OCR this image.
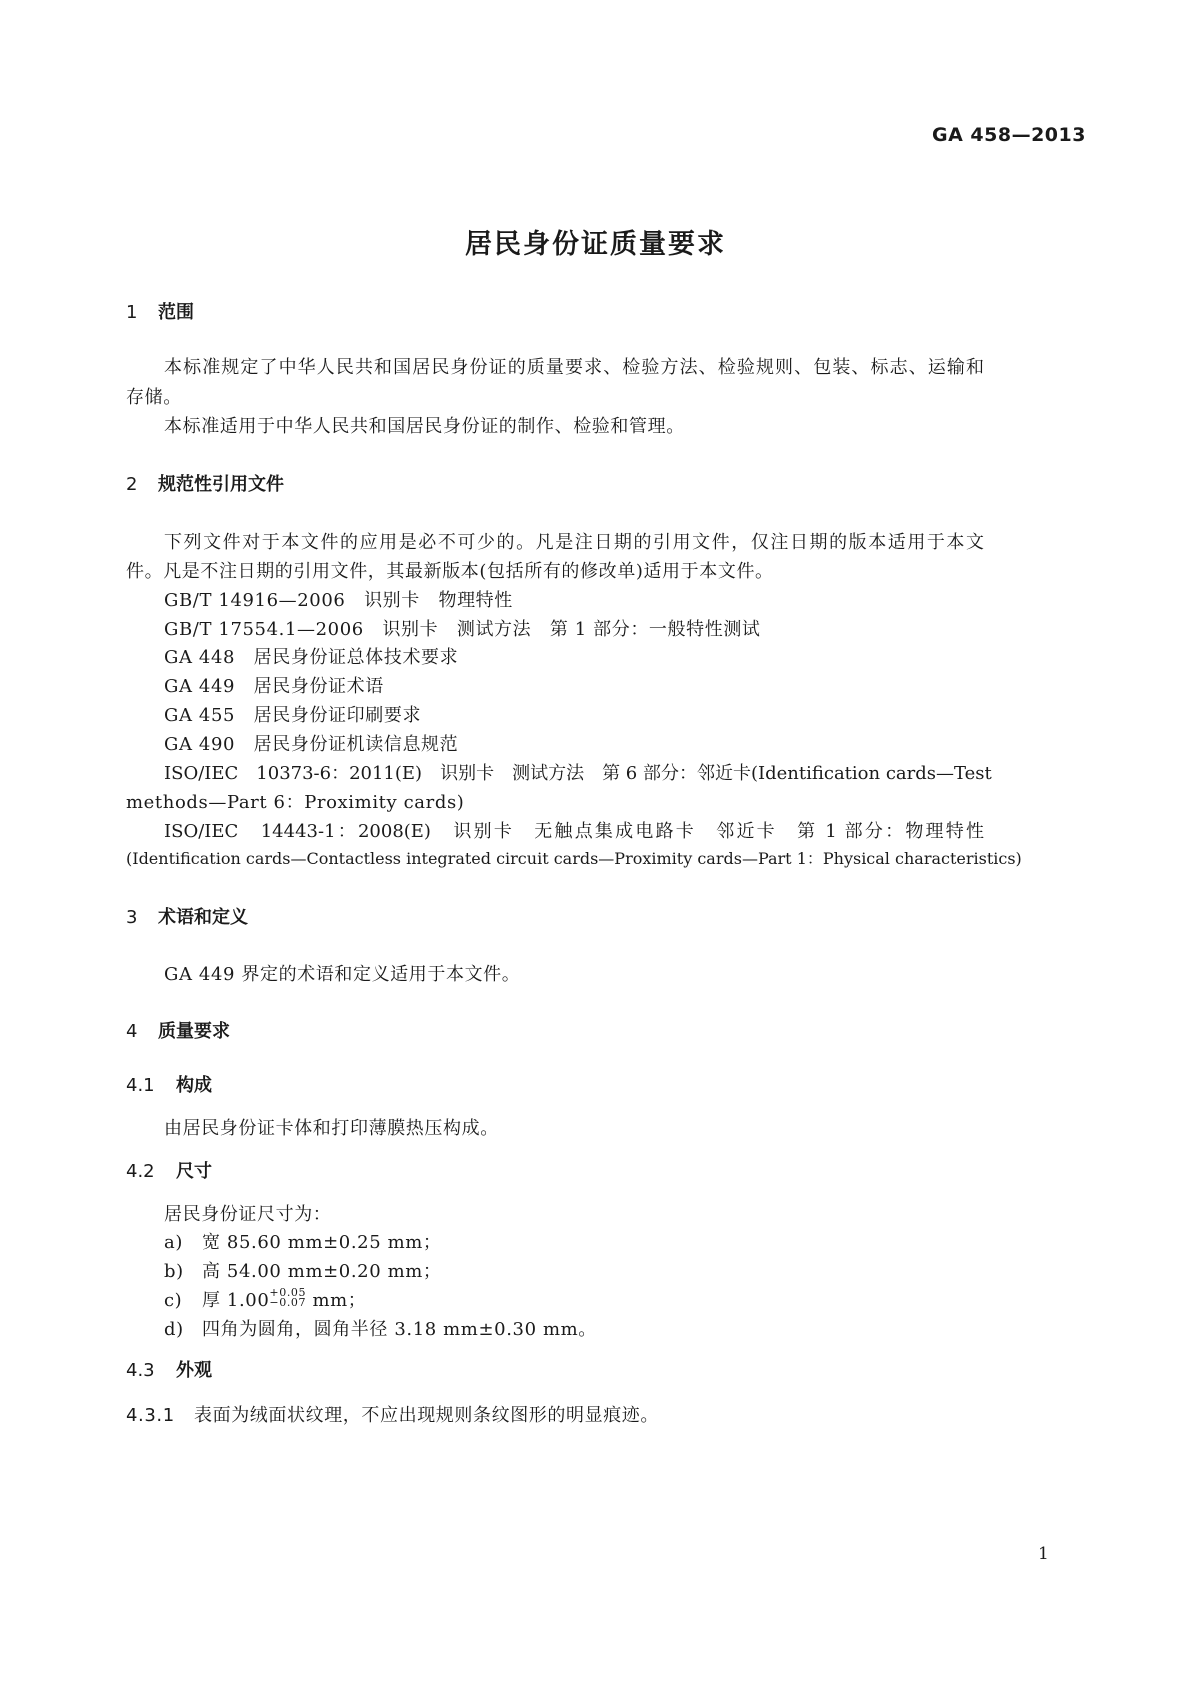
GA 458—2013
居民身份证质量要求
1 范围
本标准规定了中华人民共和国居民身份证的质量要求、检验方法、检验规则、包装、标志、运输和
存储。
本标准适用于中华人民共和国居民身份证的制作、检验和管理。
2 规范性引用文件
下列文件对于本文件的应用是必不可少的。凡是注日期的引用文件，仅注日期的版本适用于本文
件。凡是不注日期的引用文件，其最新版本(包括所有的修改单)适用于本文件。
GB/T 14916—2006　识别卡　物理特性
GB/T 17554.1—2006　识别卡　测试方法　第 1 部分：一般特性测试
GA 448　居民身份证总体技术要求
GA 449　居民身份证术语
GA 455　居民身份证印刷要求
GA 490　居民身份证机读信息规范
ISO/IEC　10373-6：2011(E)　识别卡　测试方法　第 6 部分：邻近卡(Identification cards—Test
methods—Part 6：Proximity cards)
ISO/IEC　14443-1：2008(E)　识别卡　无触点集成电路卡　邻近卡　第 1 部分：物理特性
(Identification cards—Contactless integrated circuit cards—Proximity cards—Part 1：Physical characteristics)
3 术语和定义
GA 449 界定的术语和定义适用于本文件。
4 质量要求
4.1 构成
由居民身份证卡体和打印薄膜热压构成。
4.2 尺寸
居民身份证尺寸为：
a) 宽 85.60 mm±0.25 mm；
b) 高 54.00 mm±0.20 mm；
c) 厚 1.00 +0.05
−0.07 mm；
d) 四角为圆角，圆角半径 3.18 mm±0.30 mm。
4.3 外观
4.3.1 表面为绒面状纹理，不应出现规则条纹图形的明显痕迹。
1
